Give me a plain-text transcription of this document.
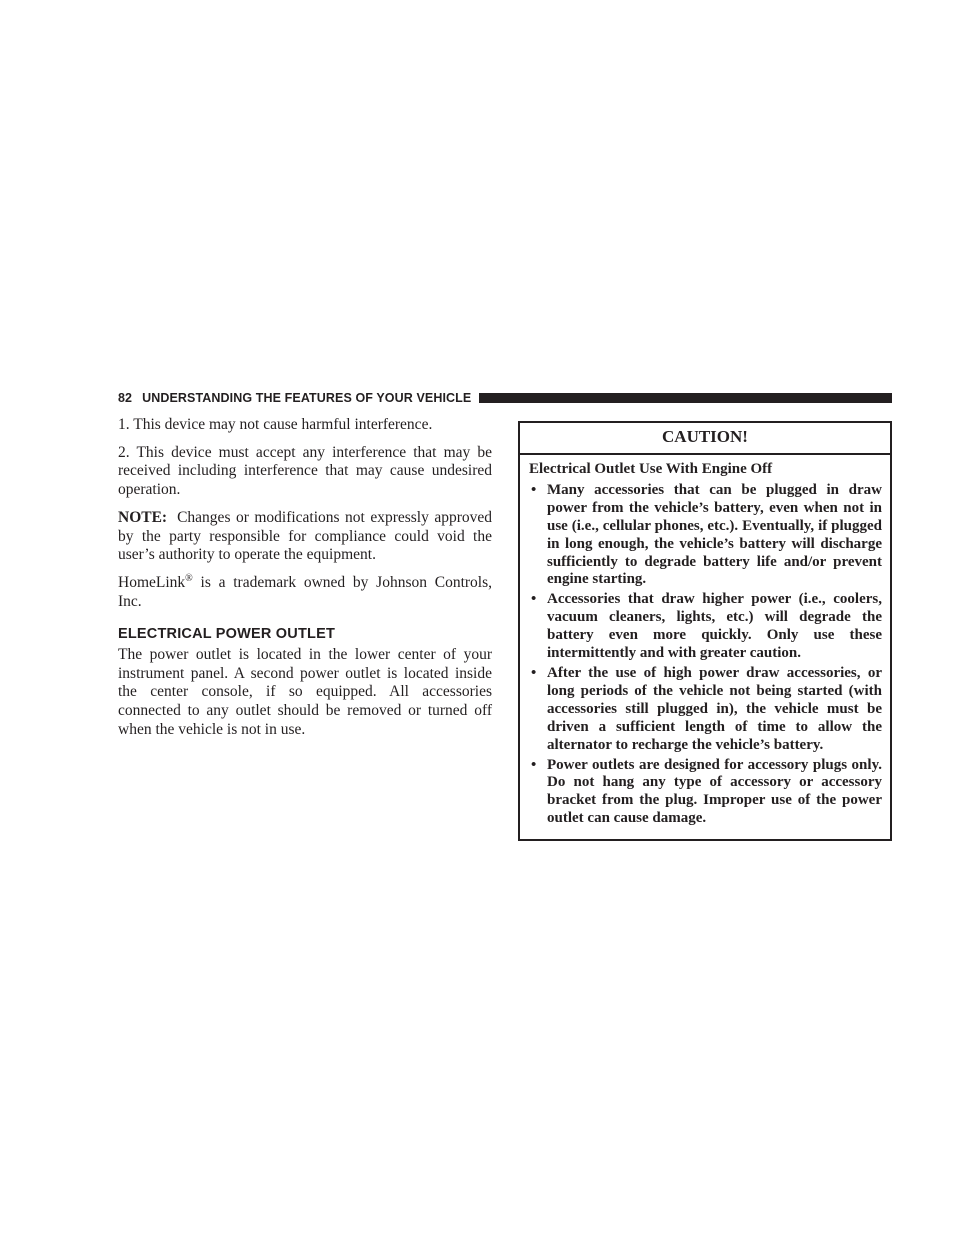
82 UNDERSTANDING THE FEATURES OF YOUR VEHICLE

1. This device may not cause harmful interference.

2. This device must accept any interference that may be received including interference that may cause undesired operation.

NOTE: Changes or modifications not expressly approved by the party responsible for compliance could void the user’s authority to operate the equipment.

HomeLink® is a trademark owned by Johnson Controls, Inc.

ELECTRICAL POWER OUTLET

The power outlet is located in the lower center of your instrument panel. A second power outlet is located inside the center console, if so equipped. All accessories connected to any outlet should be removed or turned off when the vehicle is not in use.

CAUTION!

Electrical Outlet Use With Engine Off

• Many accessories that can be plugged in draw power from the vehicle’s battery, even when not in use (i.e., cellular phones, etc.). Eventually, if plugged in long enough, the vehicle’s battery will discharge sufficiently to degrade battery life and/or prevent engine starting.
• Accessories that draw higher power (i.e., coolers, vacuum cleaners, lights, etc.) will degrade the battery even more quickly. Only use these intermittently and with greater caution.
• After the use of high power draw accessories, or long periods of the vehicle not being started (with accessories still plugged in), the vehicle must be driven a sufficient length of time to allow the alternator to recharge the vehicle’s battery.
• Power outlets are designed for accessory plugs only. Do not hang any type of accessory or accessory bracket from the plug. Improper use of the power outlet can cause damage.
